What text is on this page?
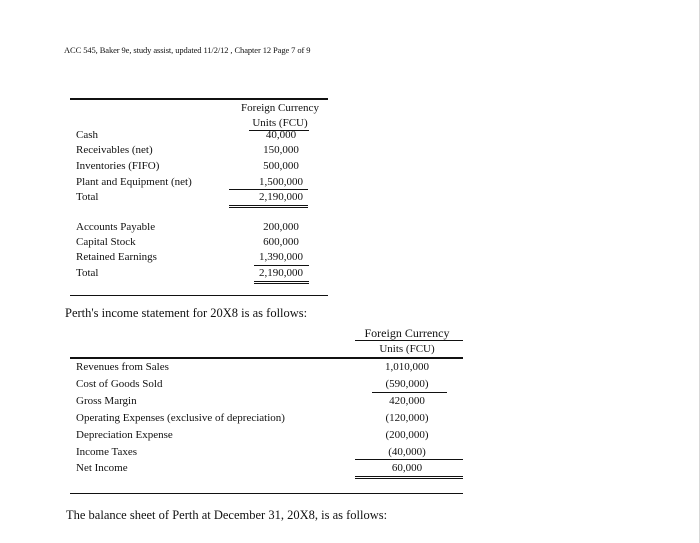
ACC 545, Baker 9e, study assist, updated 11/2/12 , Chapter 12 Page 7 of 9
Foreign Currency
Units (FCU)
Cash	40,000
Receivables (net)	150,000
Inventories (FIFO)	500,000
Plant and Equipment (net)	1,500,000
Total	2,190,000
Accounts Payable	200,000
Capital Stock	600,000
Retained Earnings	1,390,000
Total	2,190,000
Perth's income statement for 20X8 is as follows:
Foreign Currency
Units (FCU)
Revenues from Sales	1,010,000
Cost of Goods Sold	(590,000)
Gross Margin	420,000
Operating Expenses (exclusive of depreciation)	(120,000)
Depreciation Expense	(200,000)
Income Taxes	(40,000)
Net Income	60,000
The balance sheet of Perth at December 31, 20X8, is as follows:
